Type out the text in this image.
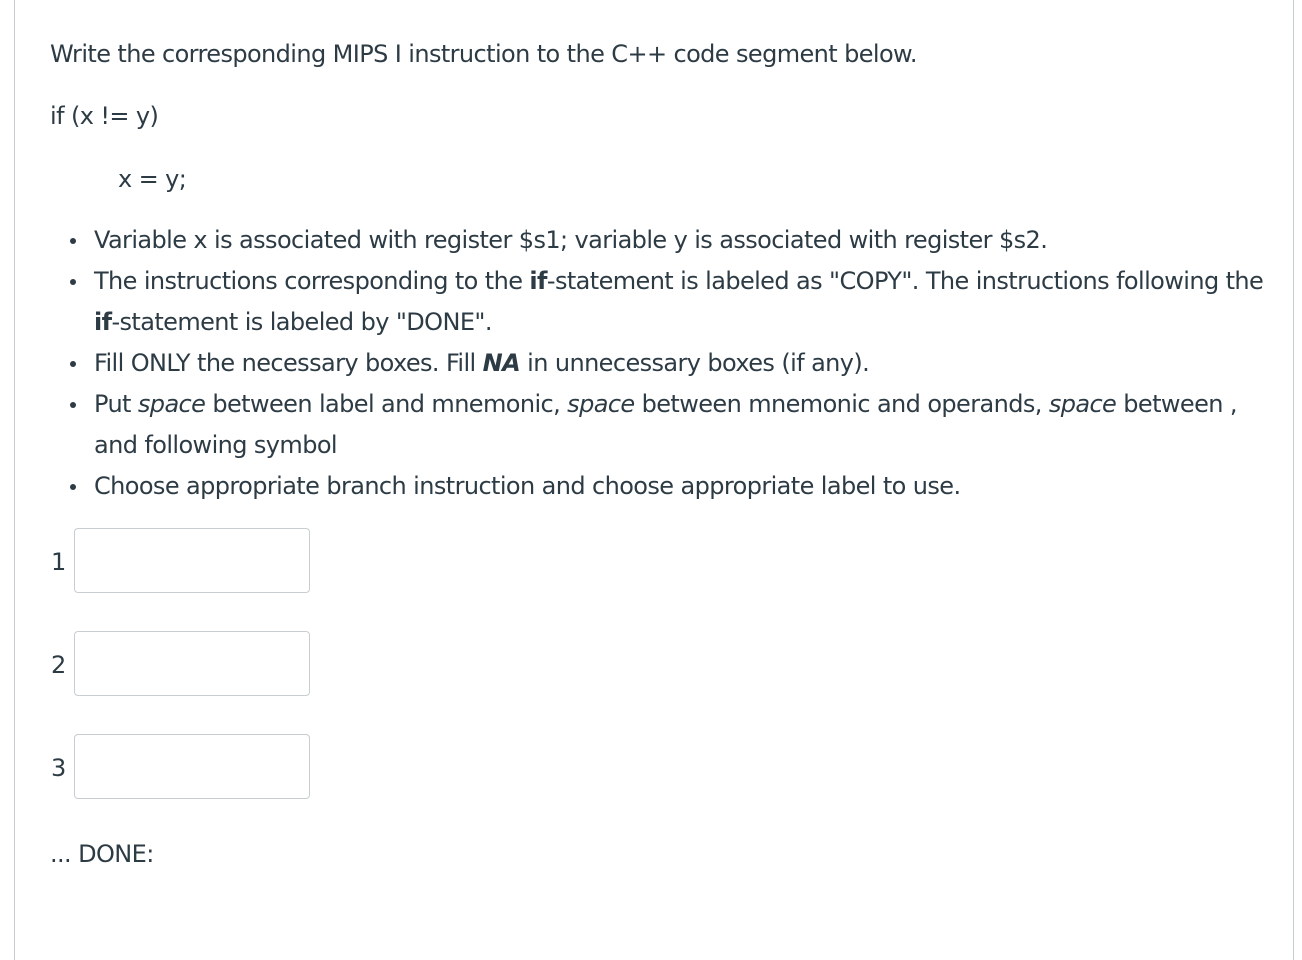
Write the corresponding MIPS I instruction to the C++ code segment below.
if (x != y)
x = y;
Variable x is associated with register $s1; variable y is associated with register $s2.
The instructions corresponding to the if-statement is labeled as "COPY". The instructions following the if-statement is labeled by "DONE".
Fill ONLY the necessary boxes. Fill NA in unnecessary boxes (if any).
Put space between label and mnemonic, space between mnemonic and operands, space between , and following symbol
Choose appropriate branch instruction and choose appropriate label to use.
1
2
3
... DONE:
